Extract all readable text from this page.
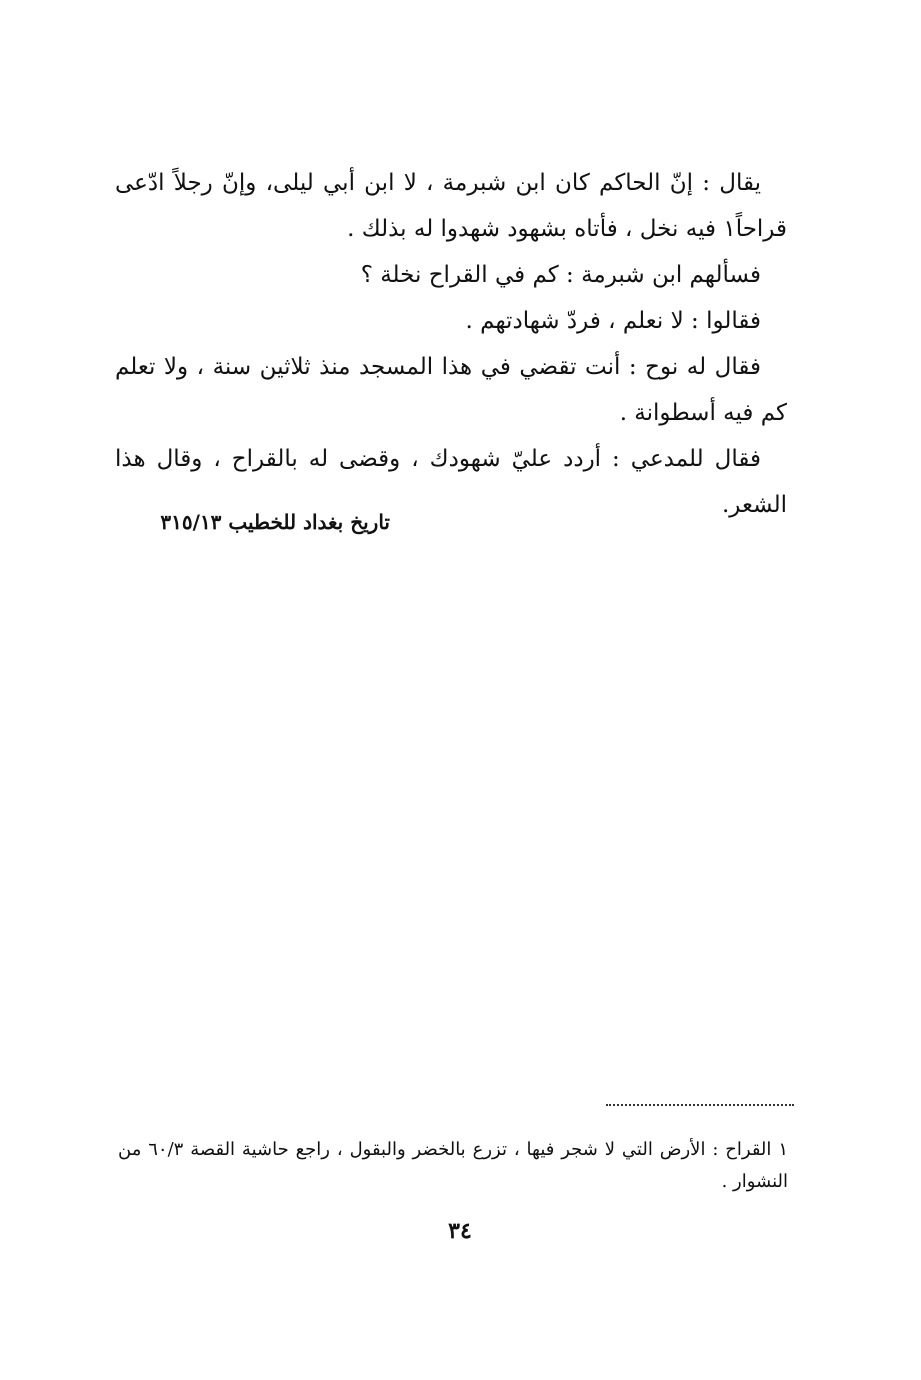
يقال : إنّ الحاكم كان ابن شبرمة ، لا ابن أبي ليلى، وإنّ رجلاً ادّعى قراحاً١ فيه نخل ، فأتاه بشهود شهدوا له بذلك .

فسألهم ابن شبرمة : كم في القراح نخلة ؟

فقالوا : لا نعلم ، فردّ شهادتهم .

فقال له نوح : أنت تقضي في هذا المسجد منذ ثلاثين سنة ، ولا تعلم كم فيه أسطوانة .

فقال للمدعي : أردد عليّ شهودك ، وقضى له بالقراح ، وقال هذا الشعر.

تاريخ بغداد للخطيب ٣١٥/١٣
١ القراح : الأرض التي لا شجر فيها ، تزرع بالخضر والبقول ، راجع حاشية القصة ٦٠/٣ من النشوار .
٣٤
